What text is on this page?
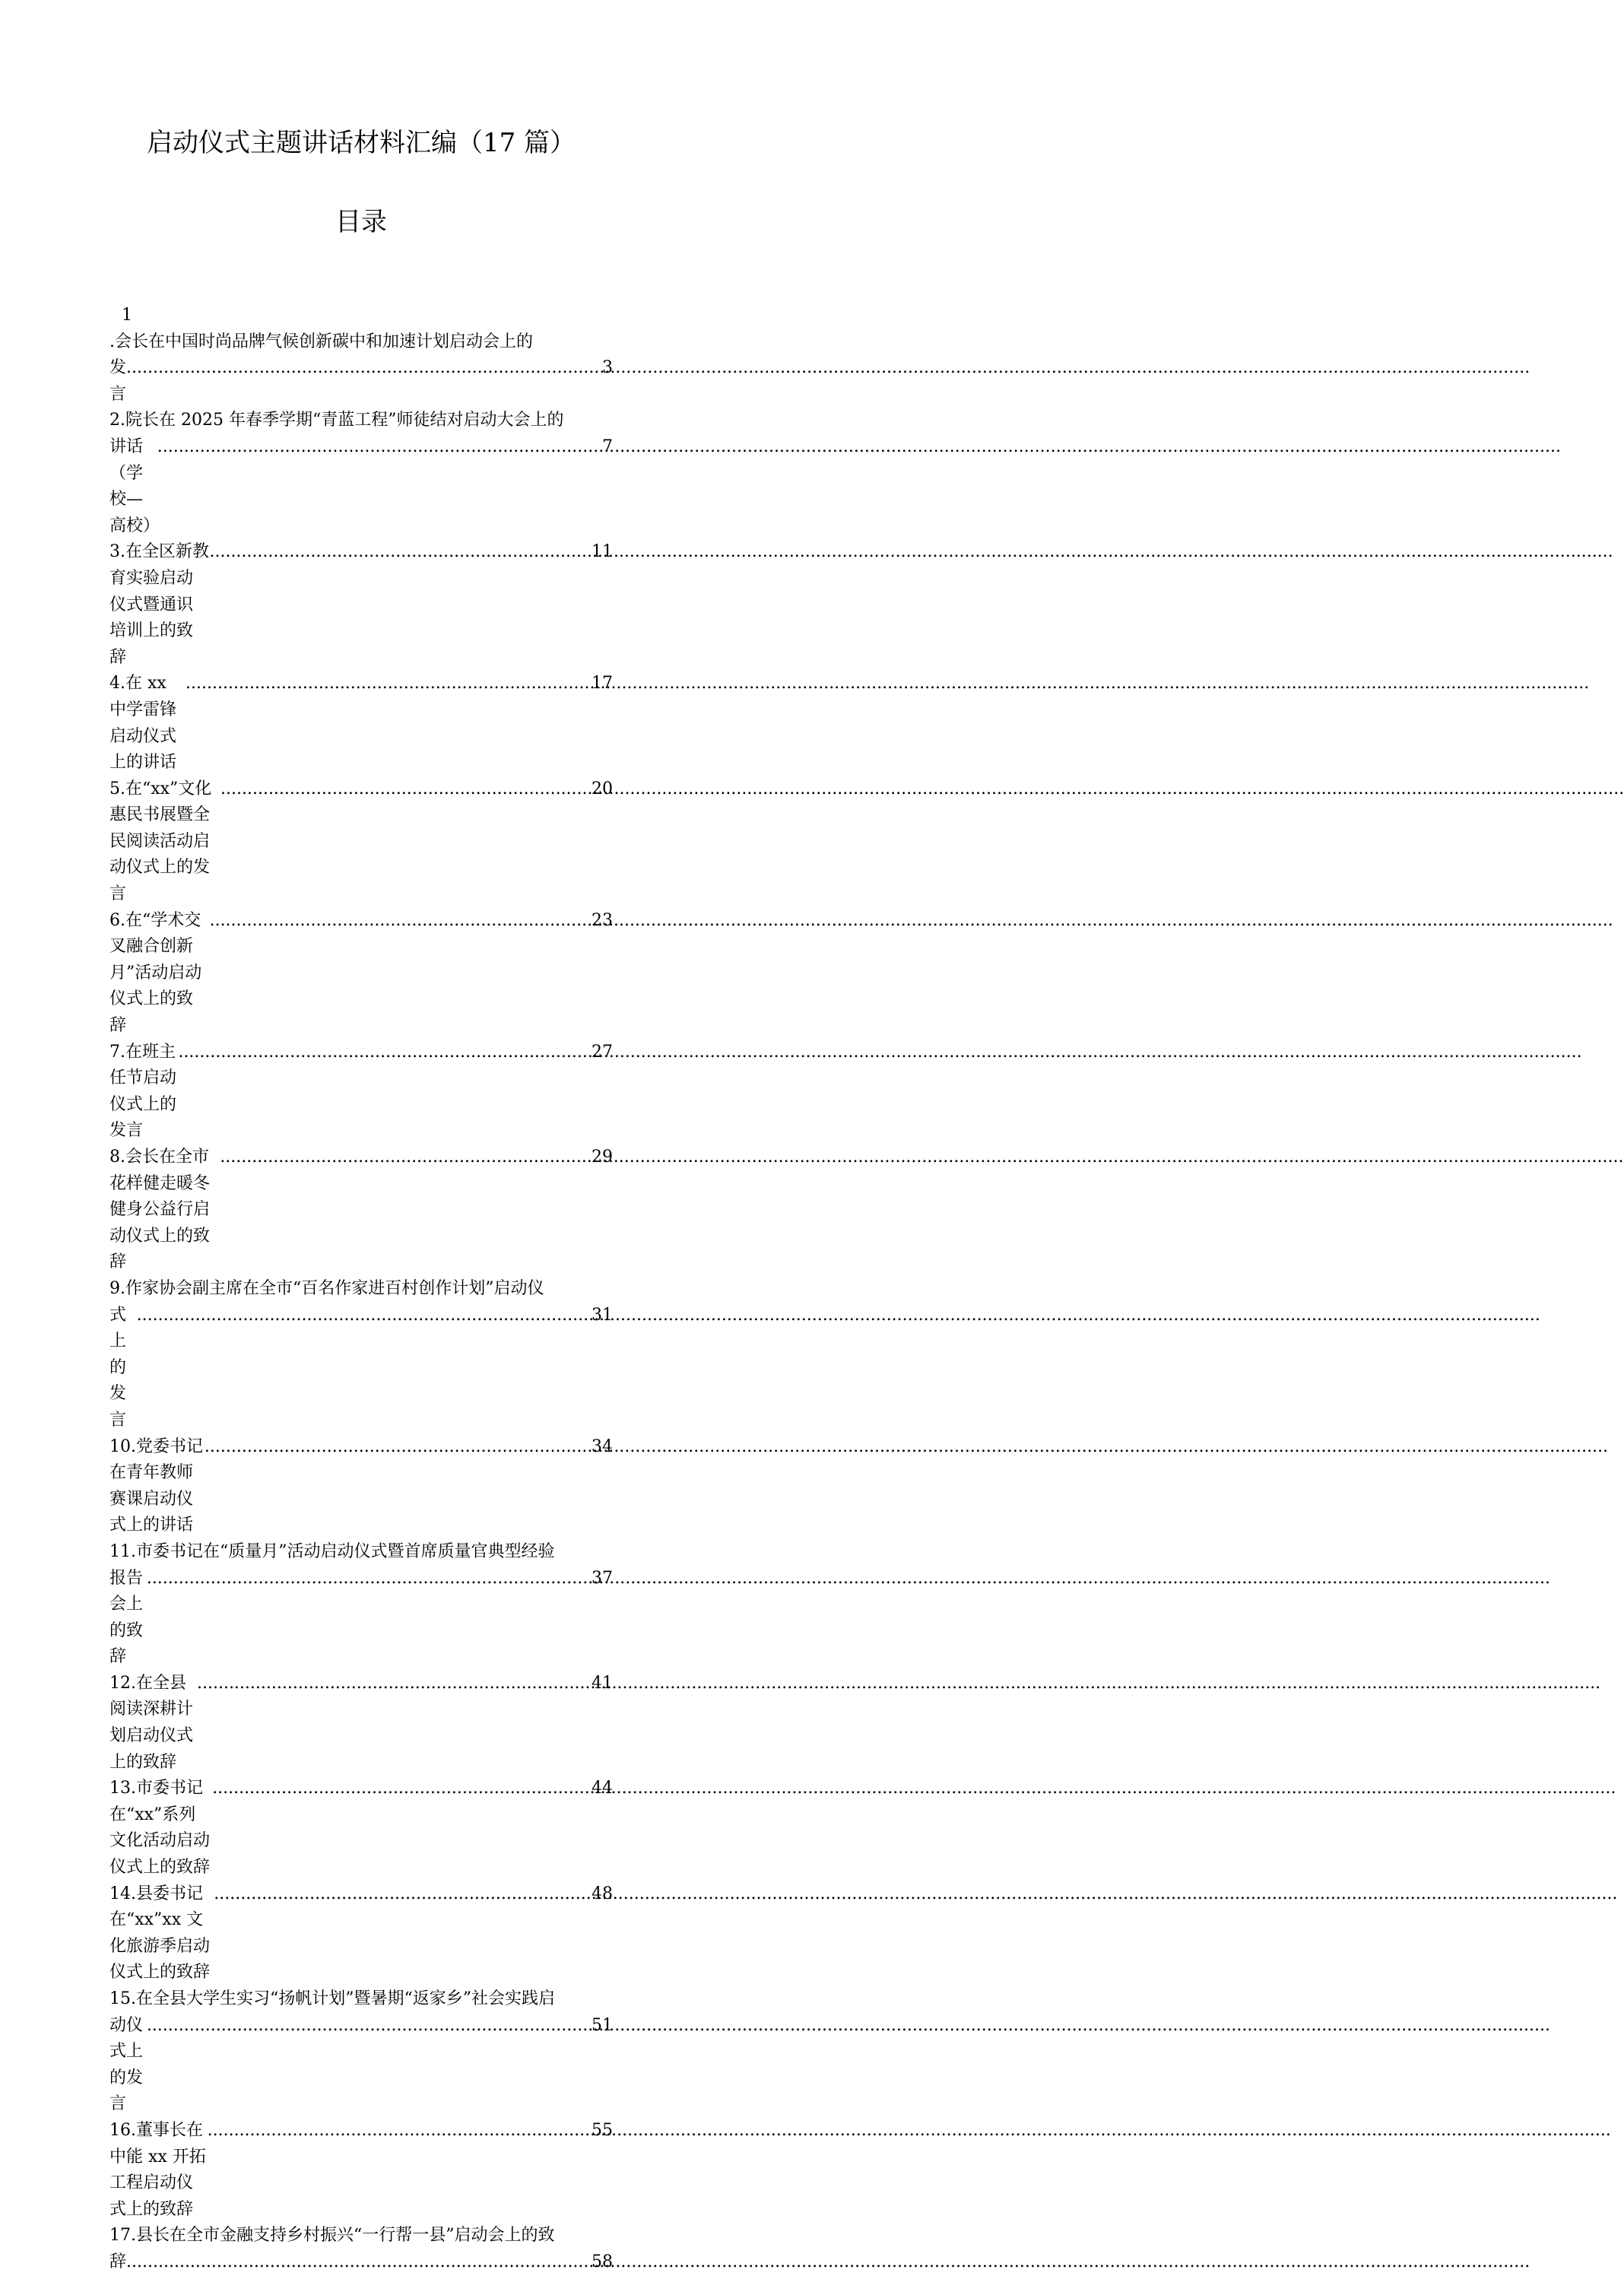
启动仪式主题讲话材料汇编（17 篇）
目录
1
.会长在中国时尚品牌气候创新碳中和加速计划启动会上的
发言
.....
3
2.院长在 2025 年春季学期“青蓝工程”师徒结对启动大会上的
讲话（学校—高校）
.....
7
3.在全区新教育实验启动仪式暨通识培训上的致辞
.....
11
4.在 xx 中学雷锋启动仪式上的讲话
.....
17
5.在“xx”文化惠民书展暨全民阅读活动启动仪式上的发言
.....
20
6.在“学术交叉融合创新月”活动启动仪式上的致辞
.....
23
7.在班主任节启动仪式上的发言
.....
27
8.会长在全市花样健走暖冬健身公益行启动仪式上的致辞
.....
29
9.作家协会副主席在全市“百名作家进百村创作计划”启动仪
式上的发言
.....
31
10.党委书记在青年教师赛课启动仪式上的讲话
.....
34
11.市委书记在“质量月”活动启动仪式暨首席质量官典型经验
报告会上的致辞
.....
37
12.在全县阅读深耕计划启动仪式上的致辞
.....
41
13.市委书记在“xx”系列文化活动启动仪式上的致辞
.....
44
14.县委书记在“xx”xx 文化旅游季启动仪式上的致辞
.....
48
15.在全县大学生实习“扬帆计划”暨暑期“返家乡”社会实践启
动仪式上的发言
.....
51
16.董事长在中能 xx 开拓工程启动仪式上的致辞
.....
55
17.县长在全市金融支持乡村振兴“一行帮一县”启动会上的致
辞
.....	58
